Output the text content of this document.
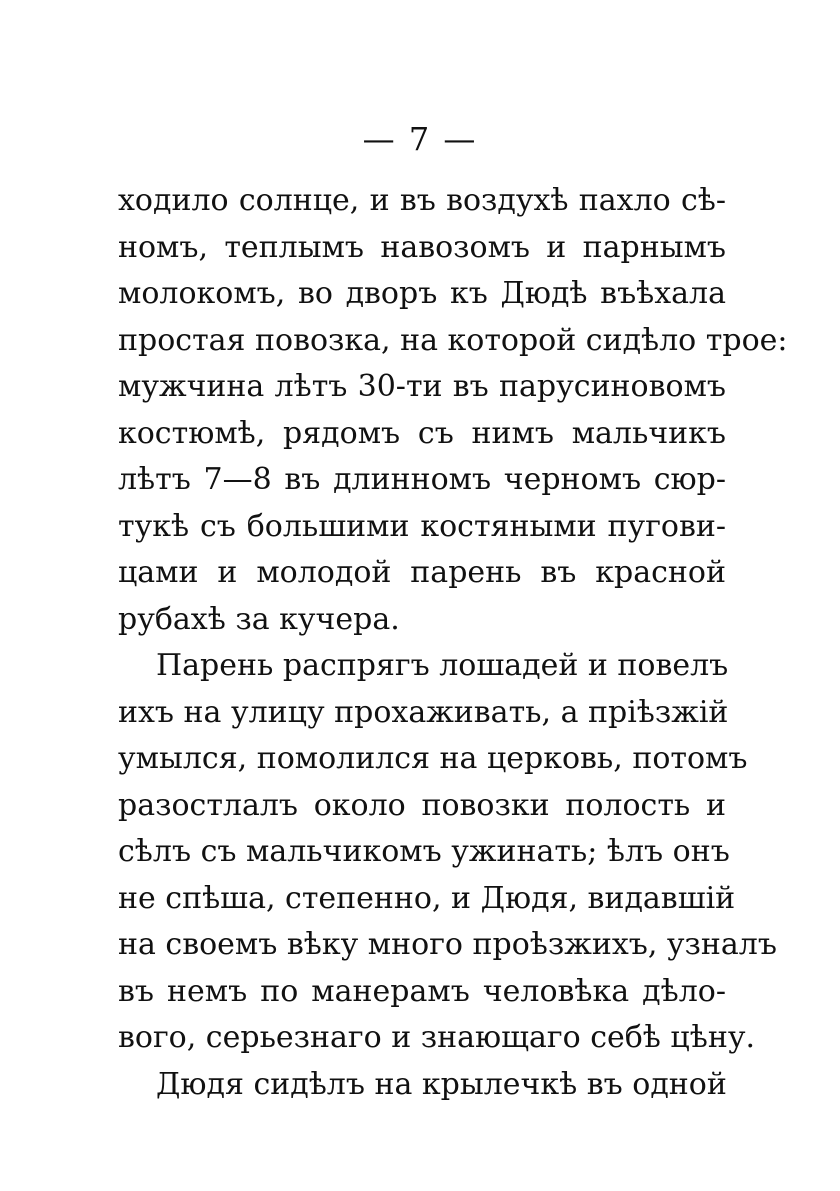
— 7 —
ходило солнце, и въ воздухѣ пахло сѣ-
номъ, теплымъ навозомъ и парнымъ
молокомъ, во дворъ къ Дюдѣ въѣхала
простая повозка, на которой сидѣло трое:
мужчина лѣтъ 30-ти въ парусиновомъ
костюмѣ, рядомъ съ нимъ мальчикъ
лѣтъ 7—8 въ длинномъ черномъ сюр-
тукѣ съ большими костяными пугови-
цами и молодой парень въ красной
рубахѣ за кучера.
Парень распрягъ лошадей и повелъ
ихъ на улицу прохаживать, а пріѣзжій
умылся, помолился на церковь, потомъ
разостлалъ около повозки полость и
сѣлъ съ мальчикомъ ужинать; ѣлъ онъ
не спѣша, степенно, и Дюдя, видавшій
на своемъ вѣку много проѣзжихъ, узналъ
въ немъ по манерамъ человѣка дѣло-
вого, серьезнаго и знающаго себѣ цѣну.
Дюдя сидѣлъ на крылечкѣ въ одной
